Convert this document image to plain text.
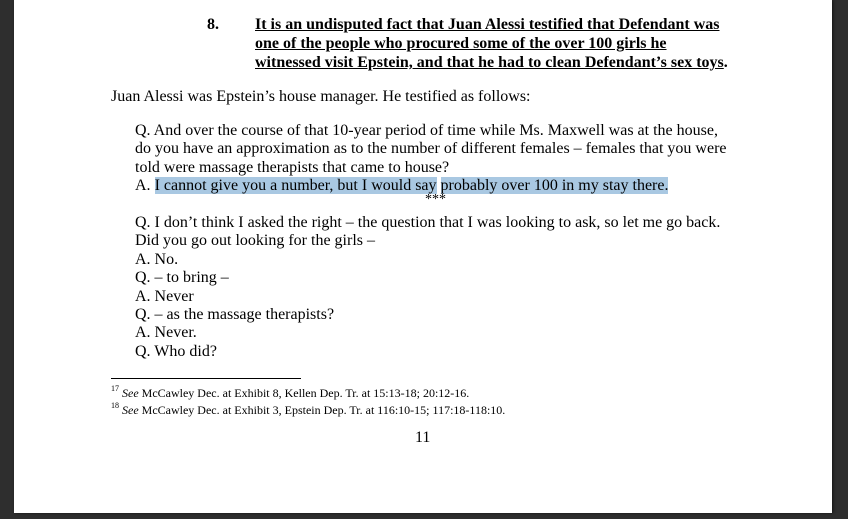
8. It is an undisputed fact that Juan Alessi testified that Defendant was
one of the people who procured some of the over 100 girls he
witnessed visit Epstein, and that he had to clean Defendant’s sex toys.
Juan Alessi was Epstein’s house manager. He testified as follows:
Q. And over the course of that 10-year period of time while Ms. Maxwell was at the house,
do you have an approximation as to the number of different females – females that you were
told were massage therapists that came to house?
A. I cannot give you a number, but I would say probably over 100 in my stay there.
***
Q. I don’t think I asked the right – the question that I was looking to ask, so let me go back.
Did you go out looking for the girls –
A. No.
Q. – to bring –
A. Never
Q. – as the massage therapists?
A. Never.
Q. Who did?
$^{17}$ See McCawley Dec. at Exhibit 8, Kellen Dep. Tr. at 15:13-18; 20:12-16.
$^{18}$ See McCawley Dec. at Exhibit 3, Epstein Dep. Tr. at 116:10-15; 117:18-118:10.
11
